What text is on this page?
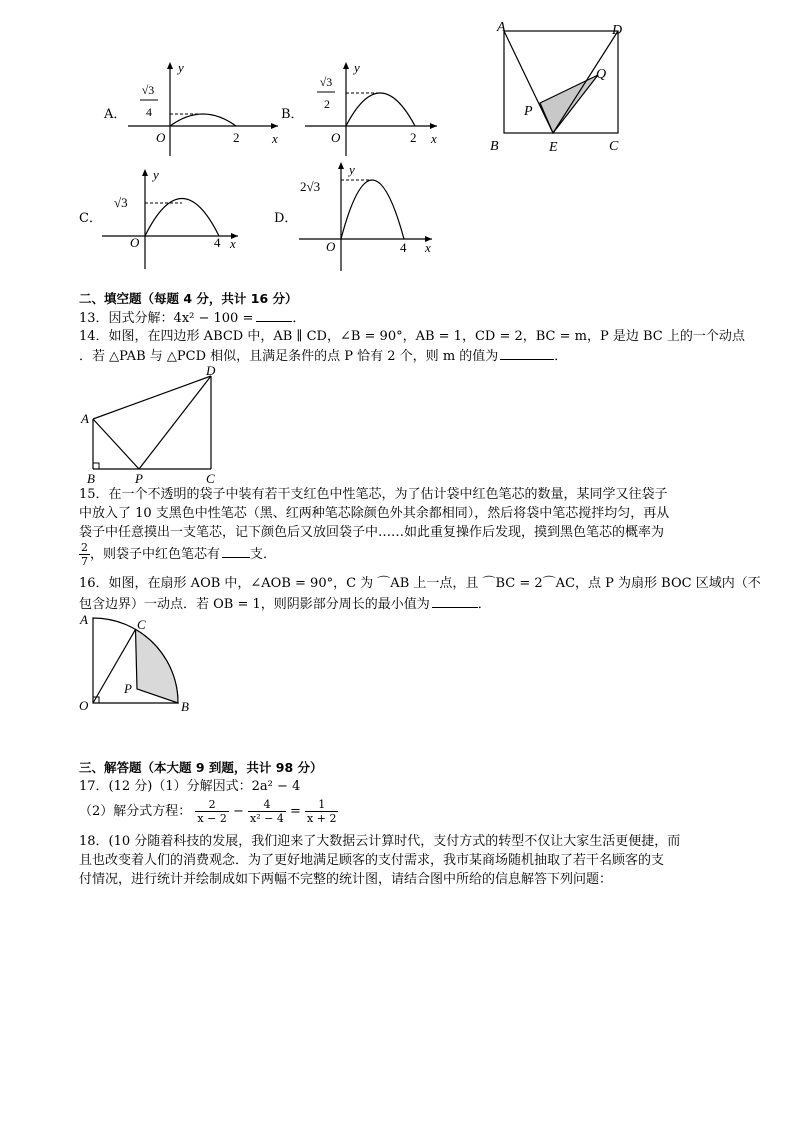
A．
√3
4
y
O	2	x
B．
√3
2
y
O	2 x
C．
√3
y
O	4 x
D．
2√3
y
O	4 x
A	D
Q
P
B	E	C
二、填空题（每题 4 分，共计 16 分）
13．因式分解：4x² − 100 =	．
14．如图，在四边形 ABCD 中，AB ∥ CD，∠B = 90°，AB = 1，CD = 2，BC = m，P 是边 BC 上的一个动点
．若 △PAB 与 △PCD 相似，且满足条件的点 P 恰有 2 个，则 m 的值为	．
A
B	P	C
D
15．在一个不透明的袋子中装有若干支红色中性笔芯，为了估计袋中红色笔芯的数量，某同学又往袋子
中放入了 10 支黑色中性笔芯（黑、红两种笔芯除颜色外其余都相同），然后将袋中笔芯搅拌均匀，再从
袋子中任意摸出一支笔芯，记下颜色后又放回袋子中……如此重复操作后发现，摸到黑色笔芯的概率为
$\frac{2}{7}$ ，则袋子中红色笔芯有 支．
16．如图，在扇形 AOB 中，∠AOB = 90°，C 为 ⌒AB 上一点，且 ⌒BC = 2⌒AC，点 P 为扇形 BOC 区域内（不
包含边界）一动点．若 OB = 1，则阴影部分周长的最小值为	．
A	C
P
O	B
三、解答题（本大题 9 到题，共计 98 分）
17．(12 分)（1）分解因式：2a² − 4
（2）解分式方程： $\frac{2}{x - 2} - \frac{4}{\text{x² − 4}} = \frac{1}{x + 2}$
18．(10 分随着科技的发展，我们迎来了大数据云计算时代，支付方式的转型不仅让大家生活更便捷，而
且也改变着人们的消费观念．为了更好地满足顾客的支付需求，我市某商场随机抽取了若干名顾客的支
付情况，进行统计并绘制成如下两幅不完整的统计图，请结合图中所给的信息解答下列问题：
